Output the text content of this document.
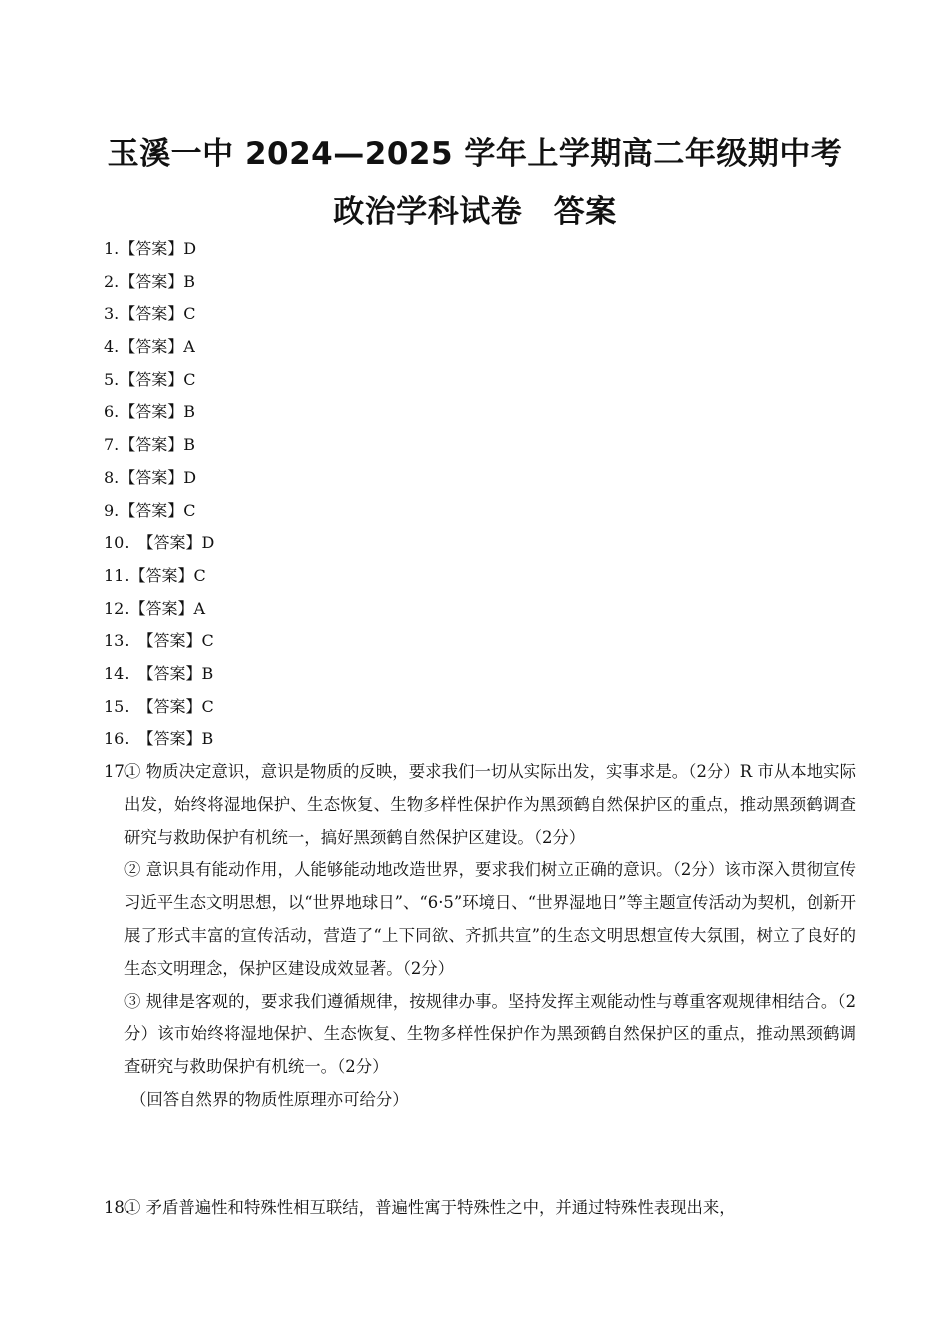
玉溪一中 2024—2025 学年上学期高二年级期中考
政治学科试卷　答案
1.【答案】D
2.【答案】B
3.【答案】C
4.【答案】A
5.【答案】C
6.【答案】B
7.【答案】B
8.【答案】D
9.【答案】C
10. 【答案】D
11.【答案】C
12.【答案】A
13. 【答案】C
14. 【答案】B
15. 【答案】C
16. 【答案】B
17.

① 物质决定意识，意识是物质的反映，要求我们一切从实际出发，实事求是。（2分）R 市从本地实际出发，始终将湿地保护、生态恢复、生物多样性保护作为黑颈鹤自然保护区的重点，推动黑颈鹤调查研究与救助保护有机统一，搞好黑颈鹤自然保护区建设。（2分）

② 意识具有能动作用，人能够能动地改造世界，要求我们树立正确的意识。（2分）该市深入贯彻宣传习近平生态文明思想，以“世界地球日”、“6·5”环境日、“世界湿地日”等主题宣传活动为契机，创新开展了形式丰富的宣传活动，营造了“上下同欲、齐抓共宣”的生态文明思想宣传大氛围，树立了良好的生态文明理念，保护区建设成效显著。（2分）

③ 规律是客观的，要求我们遵循规律，按规律办事。坚持发挥主观能动性与尊重客观规律相结合。（2分）该市始终将湿地保护、生态恢复、生物多样性保护作为黑颈鹤自然保护区的重点，推动黑颈鹤调查研究与救助保护有机统一。（2分）

（回答自然界的物质性原理亦可给分）

18.

① 矛盾普遍性和特殊性相互联结，普遍性寓于特殊性之中，并通过特殊性表现出来，
